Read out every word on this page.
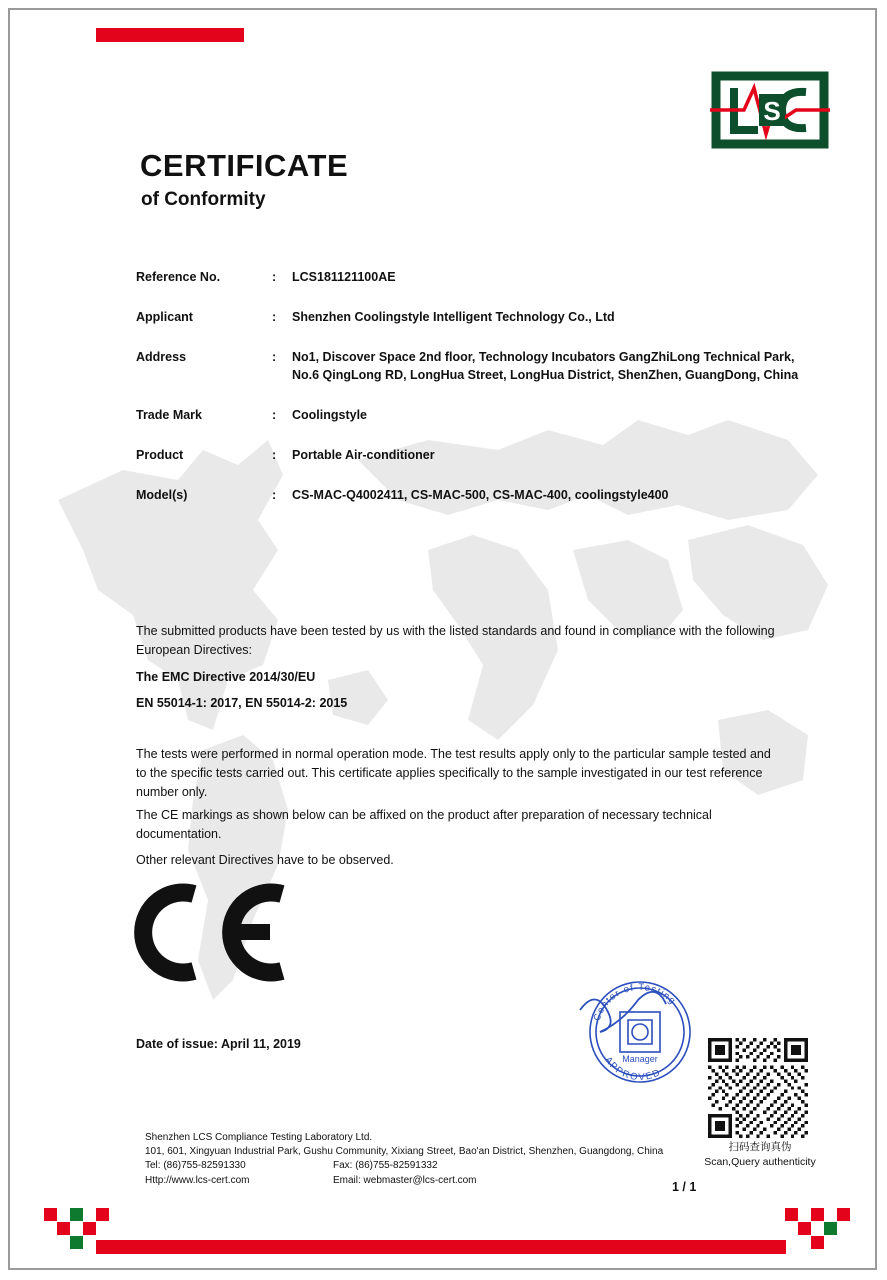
S
CERTIFICATE
of Conformity
Reference No.	:	LCS181121100AE
Applicant	:	Shenzhen Coolingstyle Intelligent Technology Co., Ltd
Address	:	No1, Discover Space 2nd floor, Technology Incubators GangZhiLong Technical Park, No.6 QingLong RD, LongHua Street, LongHua District, ShenZhen, GuangDong, China
Trade Mark	:	Coolingstyle
Product	:	Portable Air-conditioner
Model(s)	:	CS-MAC-Q4002411, CS-MAC-500, CS-MAC-400, coolingstyle400
The submitted products have been tested by us with the listed standards and found in compliance with the following European Directives:
The EMC Directive 2014/30/EU
EN 55014-1: 2017, EN 55014-2: 2015
The tests were performed in normal operation mode. The test results apply only to the particular sample tested and to the specific tests carried out. This certificate applies specifically to the sample investigated in our test reference number only.
The CE markings as shown below can be affixed on the product after preparation of necessary technical documentation.
Other relevant Directives have to be observed.
Date of issue: April 11, 2019
Center of Testing
APPROVED
Manager
扫码查询真伪
Scan,Query authenticity
Shenzhen LCS Compliance Testing Laboratory Ltd.
101, 601, Xingyuan Industrial Park, Gushu Community, Xixiang Street, Bao'an District, Shenzhen, Guangdong, China
Tel: (86)755-82591330
Http://www.lcs-cert.com
Fax: (86)755-82591332
Email: webmaster@lcs-cert.com	1 / 1
